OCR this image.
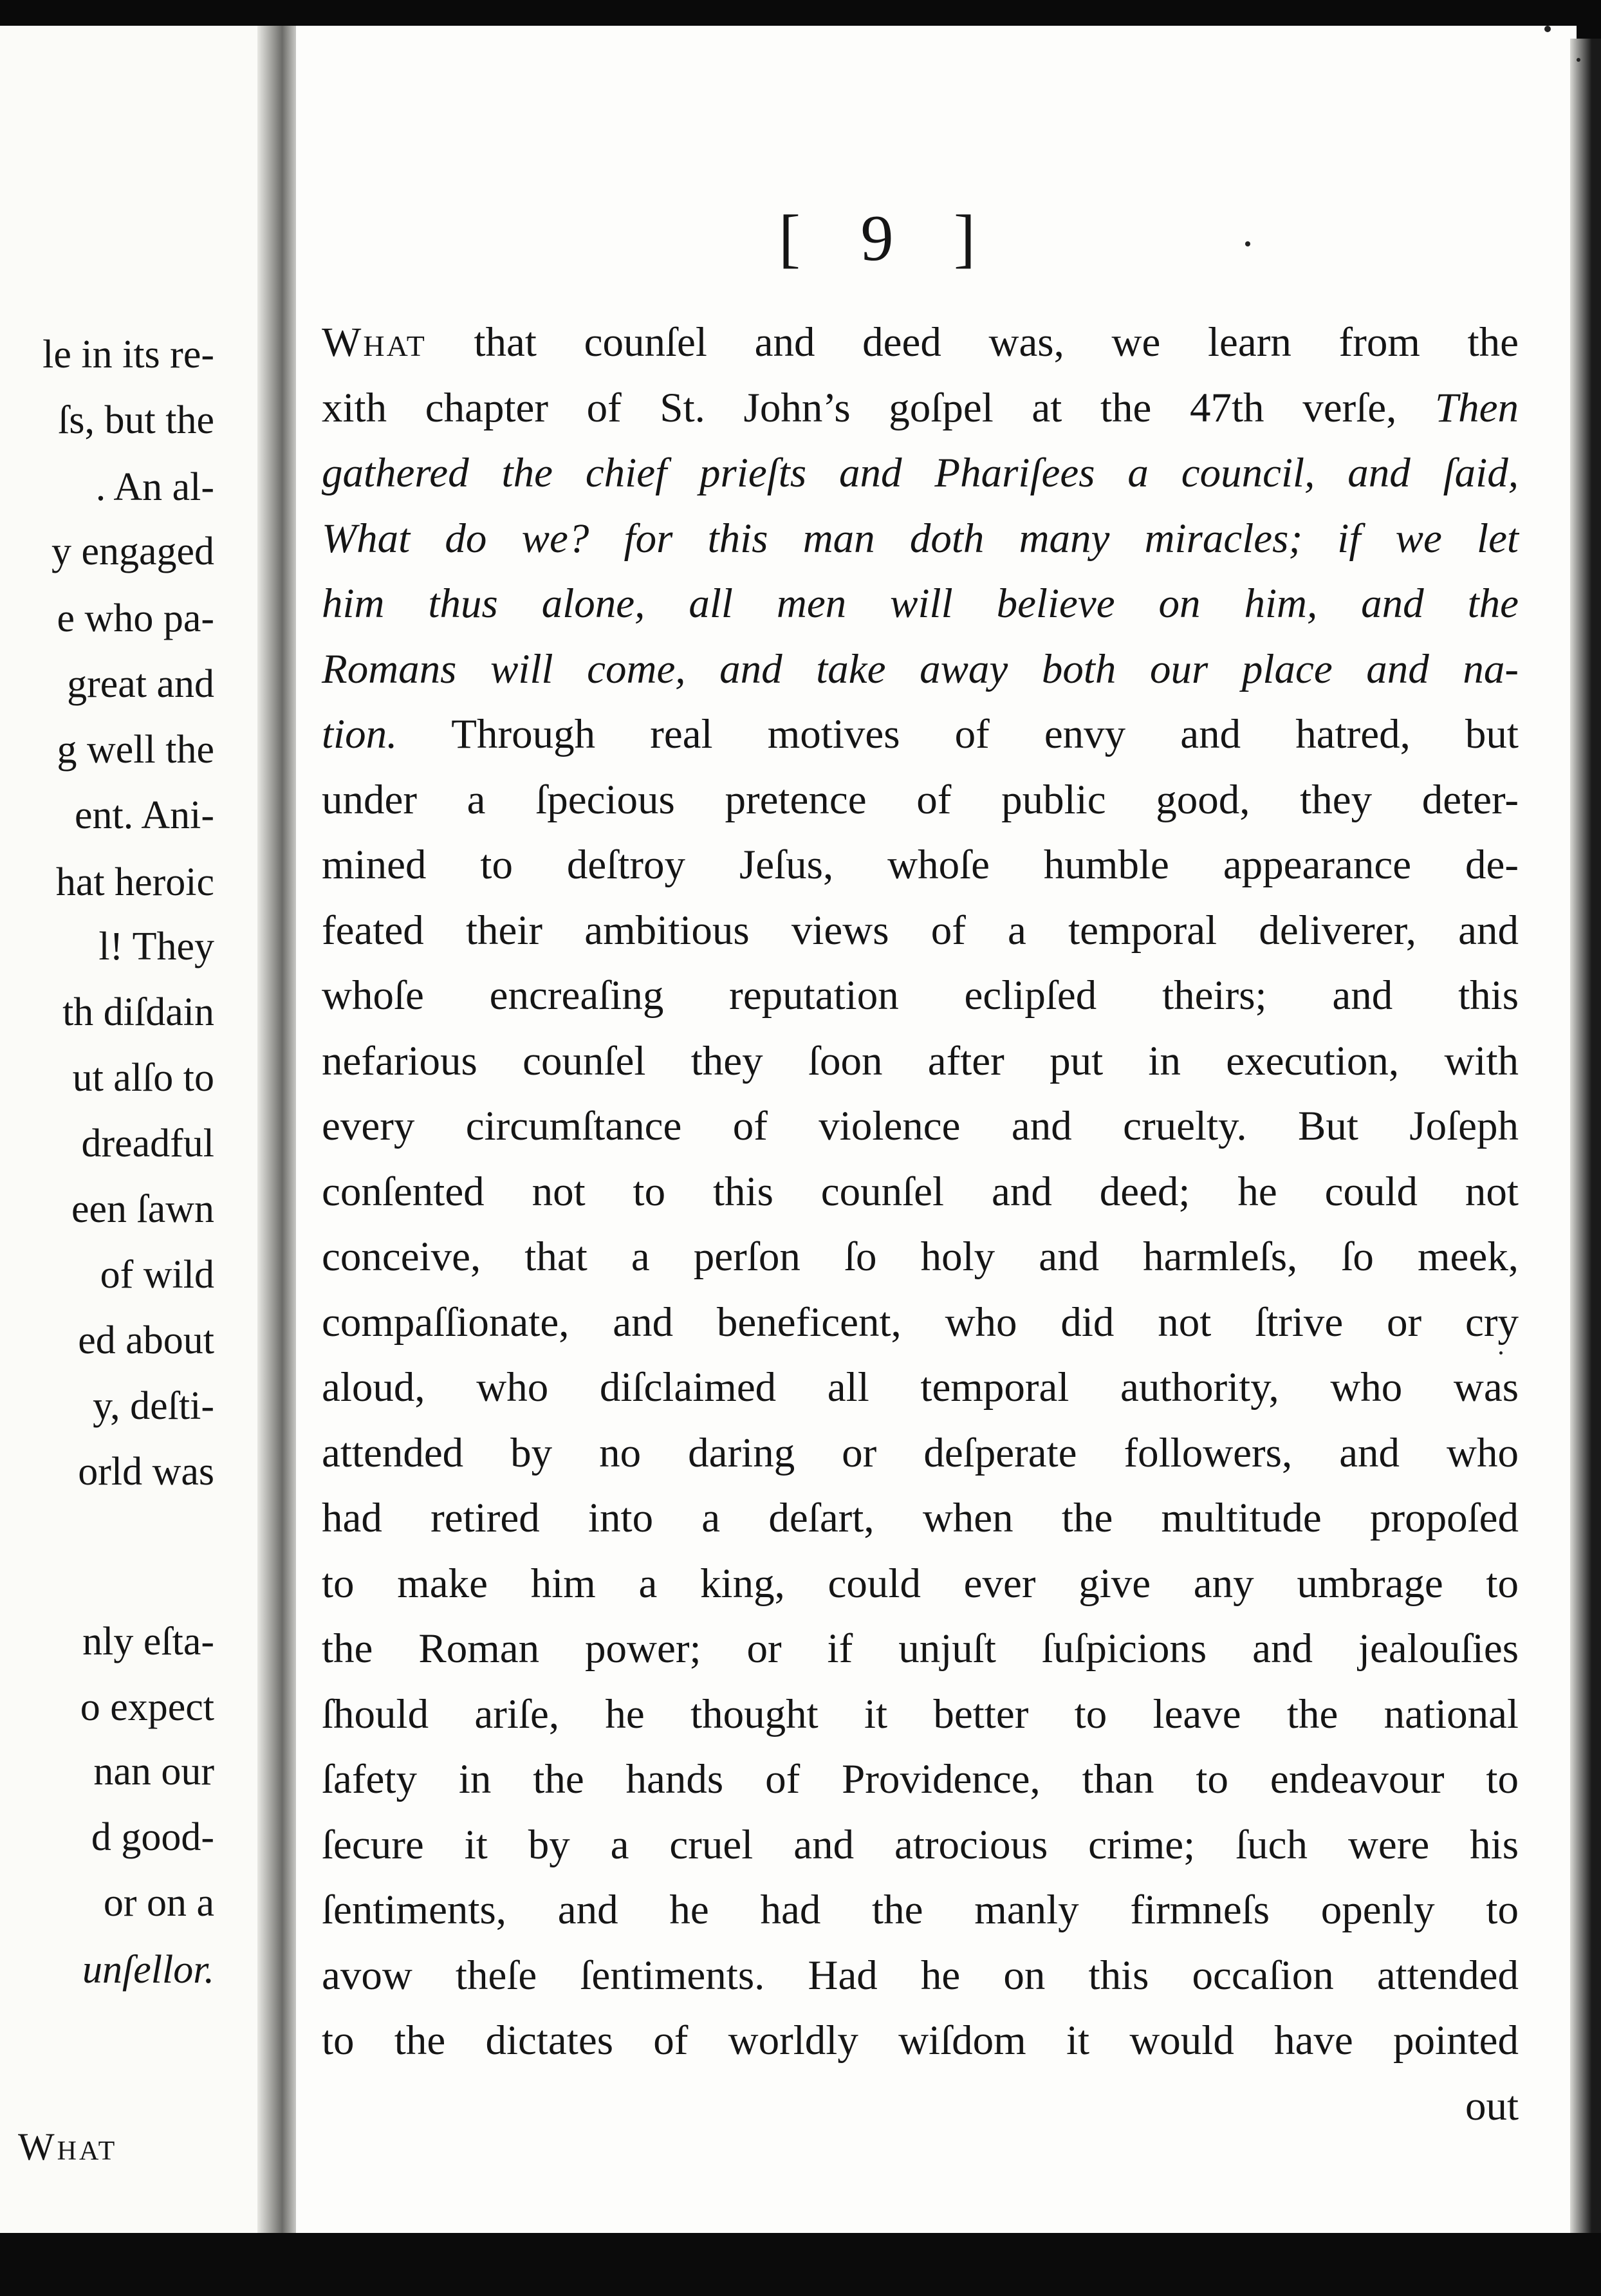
le in its re-
ſs, but the
. An al-
y engaged
e who pa-
great and
g well the
ent. Ani-
hat heroic
l! They
th diſdain
ut alſo to
dreadful
een ſawn
of wild
ed about
y, deſti-
orld was
nly eſta-
o expect
nan our
d good-
or on a
unſellor.
What
[ 9 ]
What that counſel and deed was, we learn from the
xith chapter of St. John’s goſpel at the 47th verſe, Then
gathered the chief prieſts and Phariſees a council, and ſaid,
What do we? for this man doth many miracles; if we let
him thus alone, all men will believe on him, and the
Romans will come, and take away both our place and na-
tion. Through real motives of envy and hatred, but
under a ſpecious pretence of public good, they deter-
mined to deſtroy Jeſus, whoſe humble appearance de-
feated their ambitious views of a temporal deliverer, and
whoſe encreaſing reputation eclipſed theirs; and this
nefarious counſel they ſoon after put in execution, with
every circumſtance of violence and cruelty. But Joſeph
conſented not to this counſel and deed; he could not
conceive, that a perſon ſo holy and harmleſs, ſo meek,
compaſſionate, and beneficent, who did not ſtrive or cry
aloud, who diſclaimed all temporal authority, who was
attended by no daring or deſperate followers, and who
had retired into a deſart, when the multitude propoſed
to make him a king, could ever give any umbrage to
the Roman power; or if unjuſt ſuſpicions and jealouſies
ſhould ariſe, he thought it better to leave the national
ſafety in the hands of Providence, than to endeavour to
ſecure it by a cruel and atrocious crime; ſuch were his
ſentiments, and he had the manly firmneſs openly to
avow theſe ſentiments. Had he on this occaſion attended
to the dictates of worldly wiſdom it would have pointed
out
